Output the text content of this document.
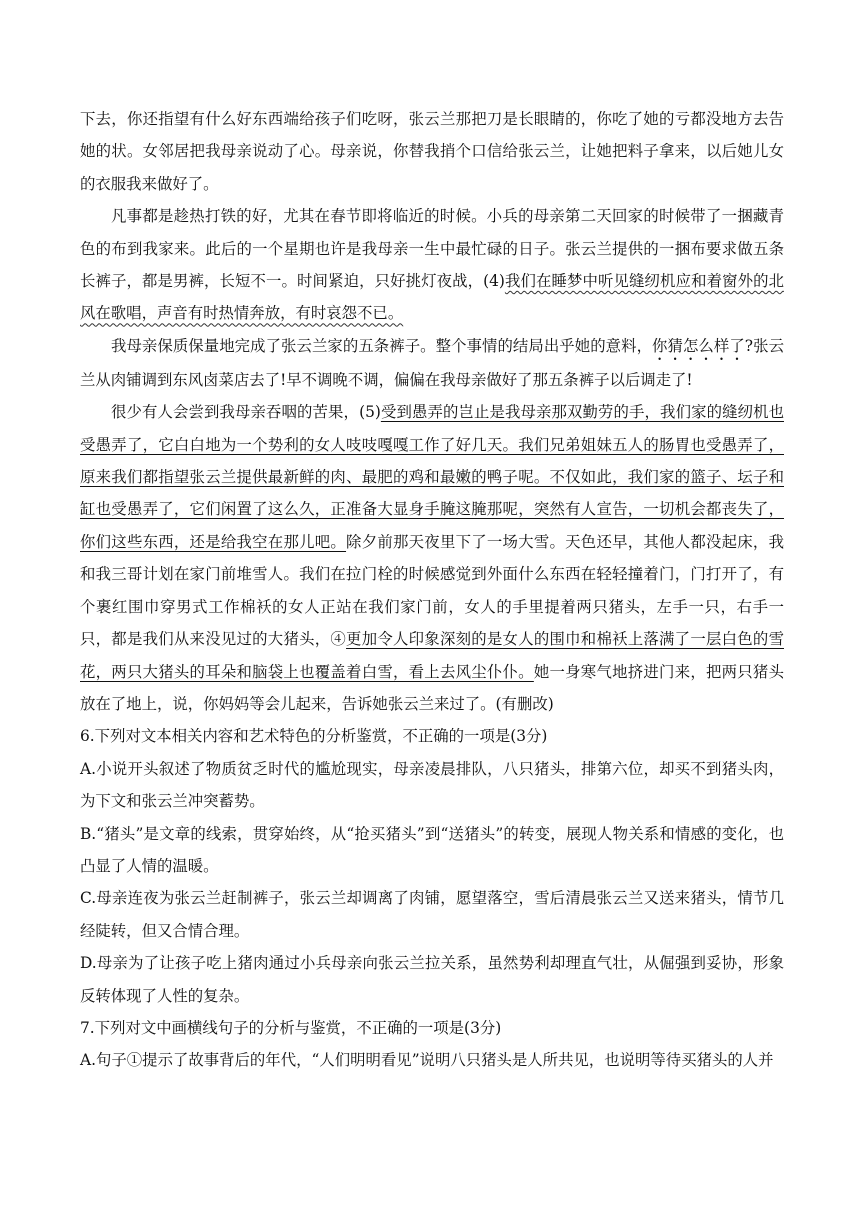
下去，你还指望有什么好东西端给孩子们吃呀，张云兰那把刀是长眼睛的，你吃了她的亏都没地方去告她的状。女邻居把我母亲说动了心。母亲说，你替我捎个口信给张云兰，让她把料子拿来，以后她儿女的衣服我来做好了。

凡事都是趁热打铁的好，尤其在春节即将临近的时候。小兵的母亲第二天回家的时候带了一捆藏青色的布到我家来。此后的一个星期也许是我母亲一生中最忙碌的日子。张云兰提供的一捆布要求做五条长裤子，都是男裤，长短不一。时间紧迫，只好挑灯夜战，(4)我们在睡梦中听见缝纫机应和着窗外的北风在歌唱，声音有时热情奔放，有时哀怨不已。

我母亲保质保量地完成了张云兰家的五条裤子。整个事情的结局出乎她的意料，你猜怎么样了?张云兰从肉铺调到东风卤菜店去了!早不调晚不调，偏偏在我母亲做好了那五条裤子以后调走了!

很少有人会尝到我母亲吞咽的苦果，(5)受到愚弄的岂止是我母亲那双勤劳的手，我们家的缝纫机也受愚弄了，它白白地为一个势利的女人吱吱嘎嘎工作了好几天。我们兄弟姐妹五人的肠胃也受愚弄了，原来我们都指望张云兰提供最新鲜的肉、最肥的鸡和最嫩的鸭子呢。不仅如此，我们家的篮子、坛子和缸也受愚弄了，它们闲置了这么久，正准备大显身手腌这腌那呢，突然有人宣告，一切机会都丧失了，你们这些东西，还是给我空在那儿吧。除夕前那天夜里下了一场大雪。天色还早，其他人都没起床，我和我三哥计划在家门前堆雪人。我们在拉门栓的时候感觉到外面什么东西在轻轻撞着门，门打开了，有个裹红围巾穿男式工作棉袄的女人正站在我们家门前，女人的手里提着两只猪头，左手一只，右手一只，都是我们从来没见过的大猪头，④更加令人印象深刻的是女人的围巾和棉袄上落满了一层白色的雪花，两只大猪头的耳朵和脑袋上也覆盖着白雪，看上去风尘仆仆。她一身寒气地挤进门来，把两只猪头放在了地上，说，你妈妈等会儿起来，告诉她张云兰来过了。(有删改)

6.下列对文本相关内容和艺术特色的分析鉴赏，不正确的一项是(3分)

A.小说开头叙述了物质贫乏时代的尴尬现实，母亲凌晨排队，八只猪头，排第六位，却买不到猪头肉，为下文和张云兰冲突蓄势。

B.“猪头”是文章的线索，贯穿始终，从“抢买猪头”到“送猪头”的转变，展现人物关系和情感的变化，也凸显了人情的温暖。

C.母亲连夜为张云兰赶制裤子，张云兰却调离了肉铺，愿望落空，雪后清晨张云兰又送来猪头，情节几经陡转，但又合情合理。

D.母亲为了让孩子吃上猪肉通过小兵母亲向张云兰拉关系，虽然势利却理直气壮，从倔强到妥协，形象反转体现了人性的复杂。

7.下列对文中画横线句子的分析与鉴赏，不正确的一项是(3分)

A.句子①提示了故事背后的年代，“人们明明看见”说明八只猪头是人所共见，也说明等待买猪头的人并
